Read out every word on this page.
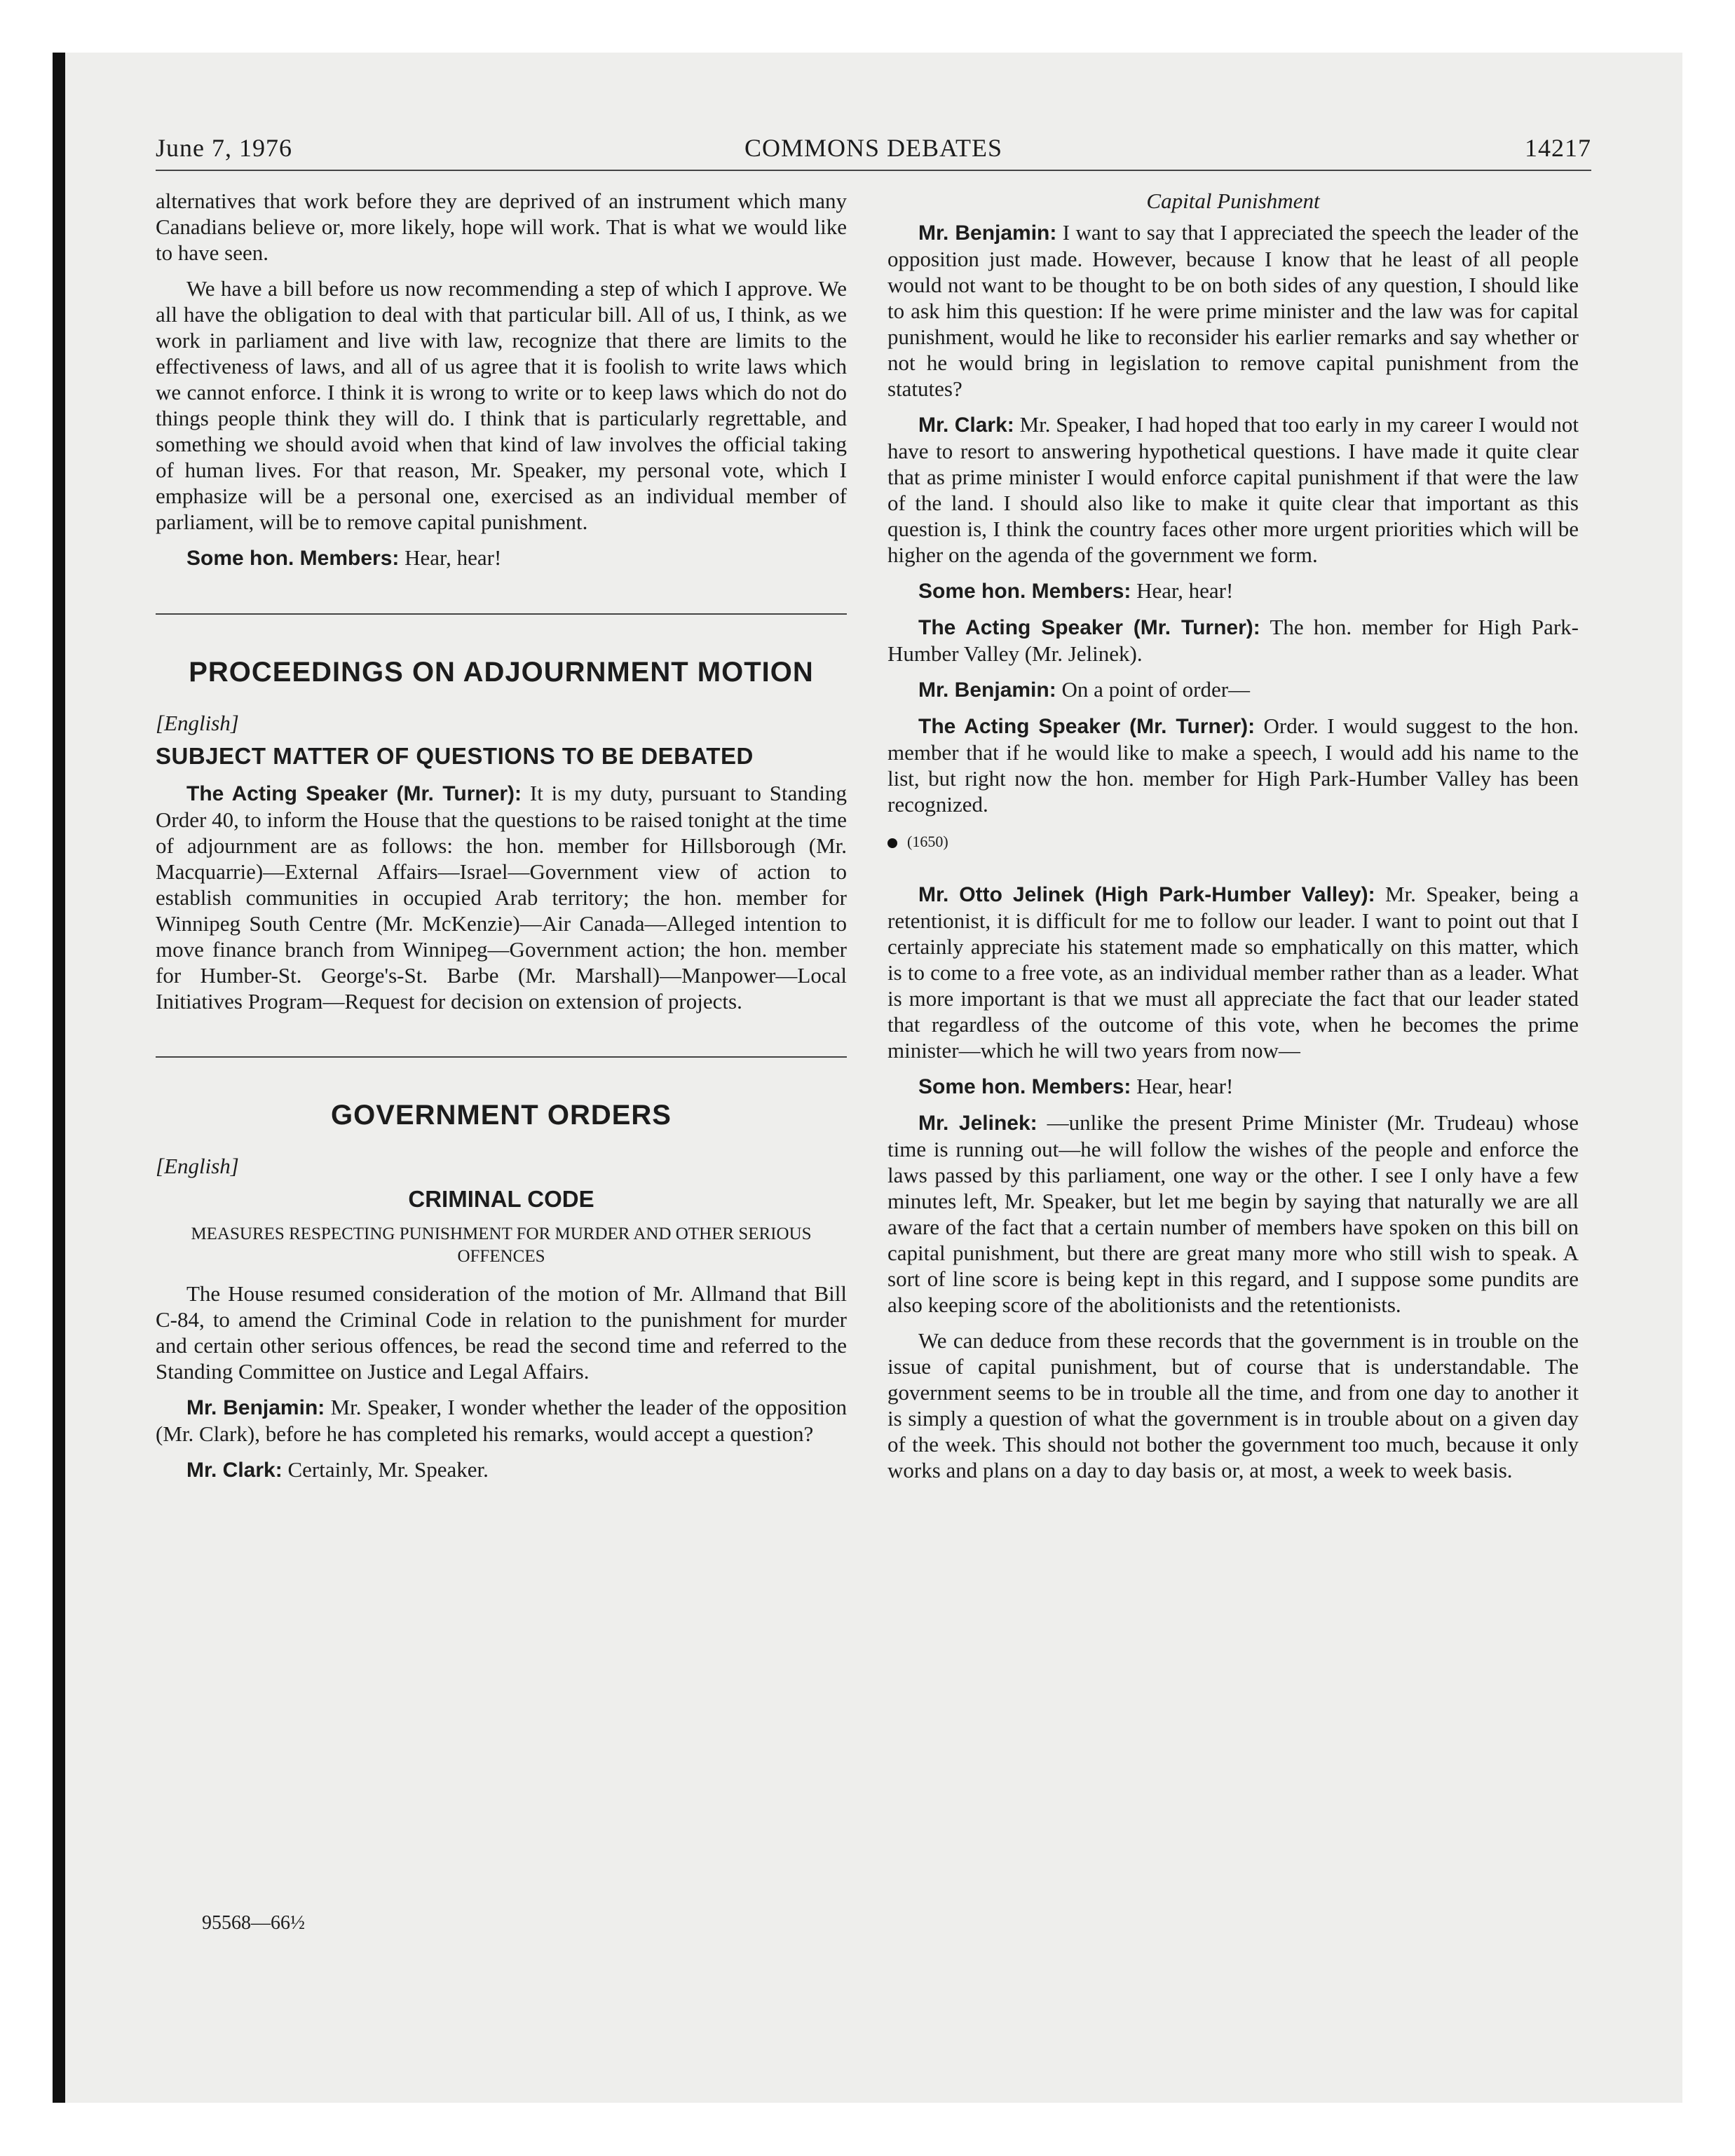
June 7, 1976	COMMONS DEBATES	14217

alternatives that work before they are deprived of an instrument which many Canadians believe or, more likely, hope will work. That is what we would like to have seen.

We have a bill before us now recommending a step of which I approve. We all have the obligation to deal with that particular bill. All of us, I think, as we work in parliament and live with law, recognize that there are limits to the effectiveness of laws, and all of us agree that it is foolish to write laws which we cannot enforce. I think it is wrong to write or to keep laws which do not do things people think they will do. I think that is particularly regrettable, and something we should avoid when that kind of law involves the official taking of human lives. For that reason, Mr. Speaker, my personal vote, which I emphasize will be a personal one, exercised as an individual member of parliament, will be to remove capital punishment.

Some hon. Members: Hear, hear!

PROCEEDINGS ON ADJOURNMENT MOTION

[English]

SUBJECT MATTER OF QUESTIONS TO BE DEBATED

The Acting Speaker (Mr. Turner): It is my duty, pursuant to Standing Order 40, to inform the House that the questions to be raised tonight at the time of adjournment are as follows: the hon. member for Hillsborough (Mr. Macquarrie)—External Affairs—Israel—Government view of action to establish communities in occupied Arab territory; the hon. member for Winnipeg South Centre (Mr. McKenzie)—Air Canada—Alleged intention to move finance branch from Winnipeg—Government action; the hon. member for Humber-St. George's-St. Barbe (Mr. Marshall)—Manpower—Local Initiatives Program—Request for decision on extension of projects.

GOVERNMENT ORDERS

[English]

CRIMINAL CODE
MEASURES RESPECTING PUNISHMENT FOR MURDER AND OTHER SERIOUS OFFENCES

The House resumed consideration of the motion of Mr. Allmand that Bill C-84, to amend the Criminal Code in relation to the punishment for murder and certain other serious offences, be read the second time and referred to the Standing Committee on Justice and Legal Affairs.

Mr. Benjamin: Mr. Speaker, I wonder whether the leader of the opposition (Mr. Clark), before he has completed his remarks, would accept a question?

Mr. Clark: Certainly, Mr. Speaker.

Capital Punishment

Mr. Benjamin: I want to say that I appreciated the speech the leader of the opposition just made. However, because I know that he least of all people would not want to be thought to be on both sides of any question, I should like to ask him this question: If he were prime minister and the law was for capital punishment, would he like to reconsider his earlier remarks and say whether or not he would bring in legislation to remove capital punishment from the statutes?

Mr. Clark: Mr. Speaker, I had hoped that too early in my career I would not have to resort to answering hypothetical questions. I have made it quite clear that as prime minister I would enforce capital punishment if that were the law of the land. I should also like to make it quite clear that important as this question is, I think the country faces other more urgent priorities which will be higher on the agenda of the government we form.

Some hon. Members: Hear, hear!

The Acting Speaker (Mr. Turner): The hon. member for High Park-Humber Valley (Mr. Jelinek).

Mr. Benjamin: On a point of order—

The Acting Speaker (Mr. Turner): Order. I would suggest to the hon. member that if he would like to make a speech, I would add his name to the list, but right now the hon. member for High Park-Humber Valley has been recognized.

(1650)

Mr. Otto Jelinek (High Park-Humber Valley): Mr. Speaker, being a retentionist, it is difficult for me to follow our leader. I want to point out that I certainly appreciate his statement made so emphatically on this matter, which is to come to a free vote, as an individual member rather than as a leader. What is more important is that we must all appreciate the fact that our leader stated that regardless of the outcome of this vote, when he becomes the prime minister—which he will two years from now—

Some hon. Members: Hear, hear!

Mr. Jelinek: —unlike the present Prime Minister (Mr. Trudeau) whose time is running out—he will follow the wishes of the people and enforce the laws passed by this parliament, one way or the other. I see I only have a few minutes left, Mr. Speaker, but let me begin by saying that naturally we are all aware of the fact that a certain number of members have spoken on this bill on capital punishment, but there are great many more who still wish to speak. A sort of line score is being kept in this regard, and I suppose some pundits are also keeping score of the abolitionists and the retentionists.

We can deduce from these records that the government is in trouble on the issue of capital punishment, but of course that is understandable. The government seems to be in trouble all the time, and from one day to another it is simply a question of what the government is in trouble about on a given day of the week. This should not bother the government too much, because it only works and plans on a day to day basis or, at most, a week to week basis.

95568—66½
